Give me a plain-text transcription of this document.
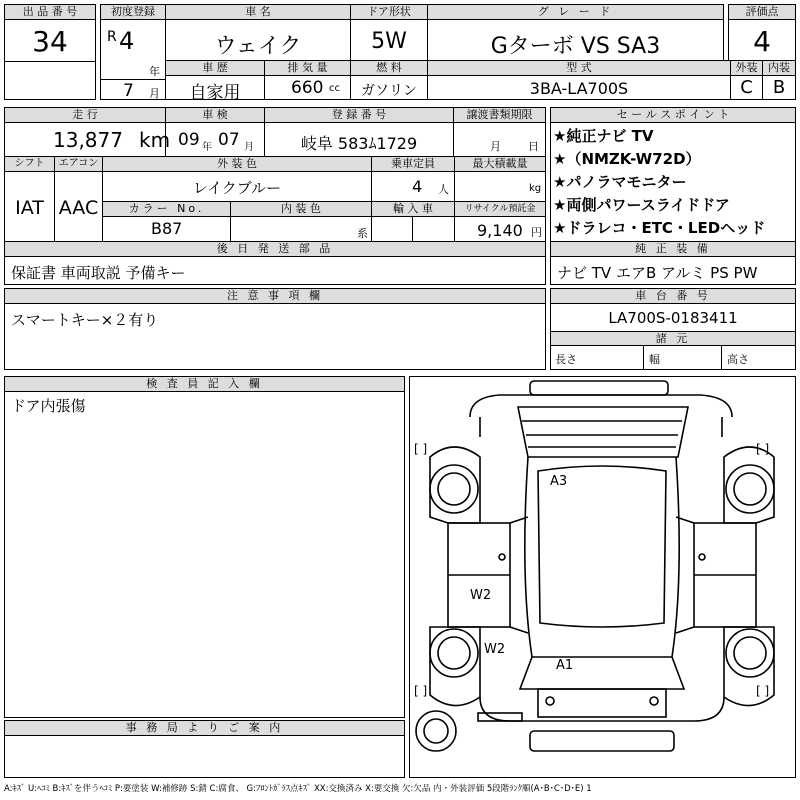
出 品 番 号
34
初度登録
R 4
年
7 月
車 名
ウェイク
ドア形状
5W
グ レ ー ド
Gターボ VS SA3
評価点
4
車 歴
自家用
排 気 量
660 cc
燃 料
ガソリン
型 式
3BA-LA700S
外装
C
内装
B
走 行
13,877 km
車 検
09 年 07 月
登 録 番 号
岐阜 583ﾑ1729
譲渡書類期限
月 日
シフト
IAT
エアコン
AAC
外 装 色
レイクブルー
乗車定員
4 人
最大積載量
kg
カラー No.
B87
内 装 色
系
輸 入 車	リサイクル預託金
9,140 円
セ ー ル ス ポ イ ン ト
★純正ナビ TV
★（NMZK-W72D）
★パノラマモニター
★両側パワースライドドア
★ドラレコ・ETC・LEDヘッド
後 日 発 送 部 品
保証書 車両取説 予備キー
純 正 装 備
ナビ TV エアB アルミ PS PW
注 意 事 項 欄
スマートキー×２有り
車 台 番 号
LA700S-0183411
諸 元
長さ	幅	高さ
検 査 員 記 入 欄
ドア内張傷
事 務 局 よ り ご 案 内
[ ]	[ ]
[ ]	[ ]
A3
W2
W2
A1
A:ｷｽﾞ U:ﾍｺﾐ B:ｷｽﾞを伴うﾍｺﾐ P:要塗装 W:補修跡 S:錆 C:腐食、 G:ﾌﾛﾝﾄｶﾞﾗｽ点ｷｽﾞ XX:交換済み X:要交換 欠:欠品 内・外装評価 5段階ﾗﾝｸ順(A･B･C･D･E) 1
